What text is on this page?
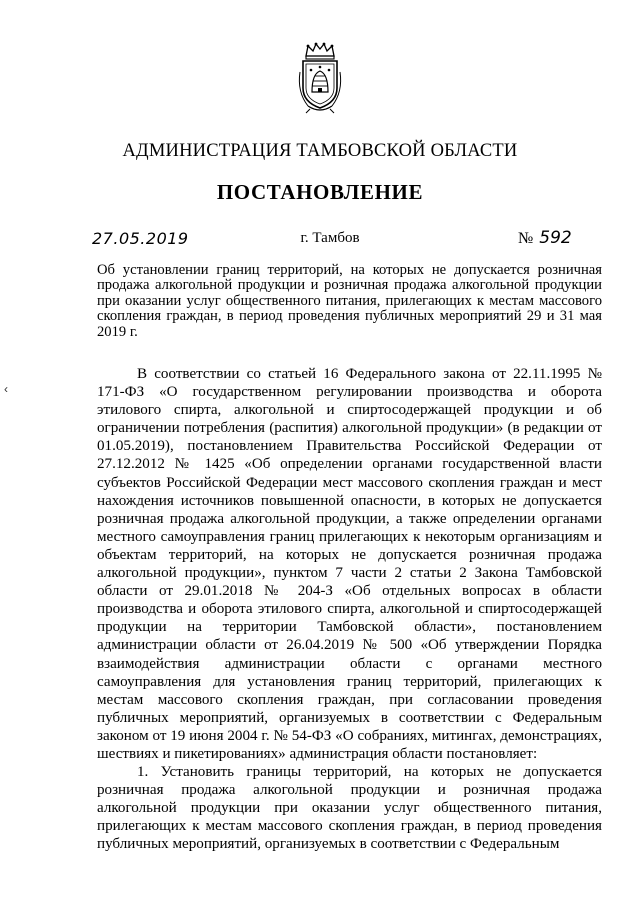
АДМИНИСТРАЦИЯ ТАМБОВСКОЙ ОБЛАСТИ
ПОСТАНОВЛЕНИЕ
27.05.2019	г. Тамбов	№ 592
Об установлении границ территорий, на которых не допускается розничная продажа алкогольной продукции и розничная продажа алкогольной продукции при оказании услуг общественного питания, прилегающих к местам массового скопления граждан, в период проведения публичных мероприятий 29 и 31 мая 2019 г.
‹

В соответствии со статьей 16 Федерального закона от 22.11.1995 № 171-ФЗ «О государственном регулировании производства и оборота этилового спирта, алкогольной и спиртосодержащей продукции и об ограничении потребления (распития) алкогольной продукции» (в редакции от 01.05.2019), постановлением Правительства Российской Федерации от 27.12.2012 № 1425 «Об определении органами государственной власти субъектов Российской Федерации мест массового скопления граждан и мест нахождения источников повышенной опасности, в которых не допускается розничная продажа алкогольной продукции, а также определении органами местного самоуправления границ прилегающих к некоторым организациям и объектам территорий, на которых не допускается розничная продажа алкогольной продукции», пунктом 7 части 2 статьи 2 Закона Тамбовской области от 29.01.2018 № 204-З «Об отдельных вопросах в области производства и оборота этилового спирта, алкогольной и спиртосодержащей продукции на территории Тамбовской области», постановлением администрации области от 26.04.2019 № 500 «Об утверждении Порядка взаимодействия администрации области с органами местного самоуправления для установления границ территорий, прилегающих к местам массового скопления граждан, при согласовании проведения публичных мероприятий, организуемых в соответствии с Федеральным законом от 19 июня 2004 г. № 54-ФЗ «О собраниях, митингах, демонстрациях, шествиях и пикетированиях» администрация области постановляет:

1. Установить границы территорий, на которых не допускается розничная продажа алкогольной продукции и розничная продажа алкогольной продукции при оказании услуг общественного питания, прилегающих к местам массового скопления граждан, в период проведения публичных мероприятий, организуемых в соответствии с Федеральным
